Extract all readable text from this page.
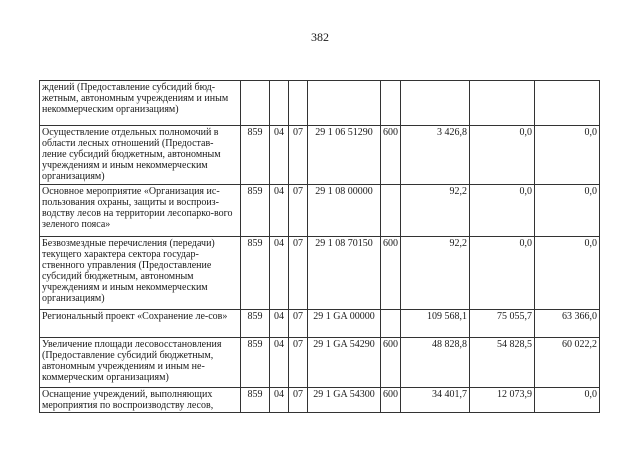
382
ждений (Предоставление субсидий бюд-жетным, автономным учреждениям и иным некоммерческим организациям)								
Осуществление отдельных полномочий в области лесных отношений (Предостав-ление субсидий бюджетным, автономным учреждениям и иным некоммерческим организациям)	859	04	07	29 1 06 51290	600	3 426,8	0,0	0,0
Основное мероприятие «Организация ис-пользования охраны, защиты и воспроиз-водству лесов на территории лесопарко-вого зеленого пояса»	859	04	07	29 1 08 00000		92,2	0,0	0,0
Безвозмездные перечисления (передачи) текущего характера сектора государ-ственного управления (Предоставление субсидий бюджетным, автономным учреждениям и иным некоммерческим организациям)	859	04	07	29 1 08 70150	600	92,2	0,0	0,0
Региональный проект «Сохранение ле-сов»	859	04	07	29 1 GA 00000		109 568,1	75 055,7	63 366,0
Увеличение площади лесовосстановления (Предоставление субсидий бюджетным, автономным учреждениям и иным не-коммерческим организациям)	859	04	07	29 1 GA 54290	600	48 828,8	54 828,5	60 022,2
Оснащение учреждений, выполняющих мероприятия по воспроизводству лесов,	859	04	07	29 1 GA 54300	600	34 401,7	12 073,9	0,0
